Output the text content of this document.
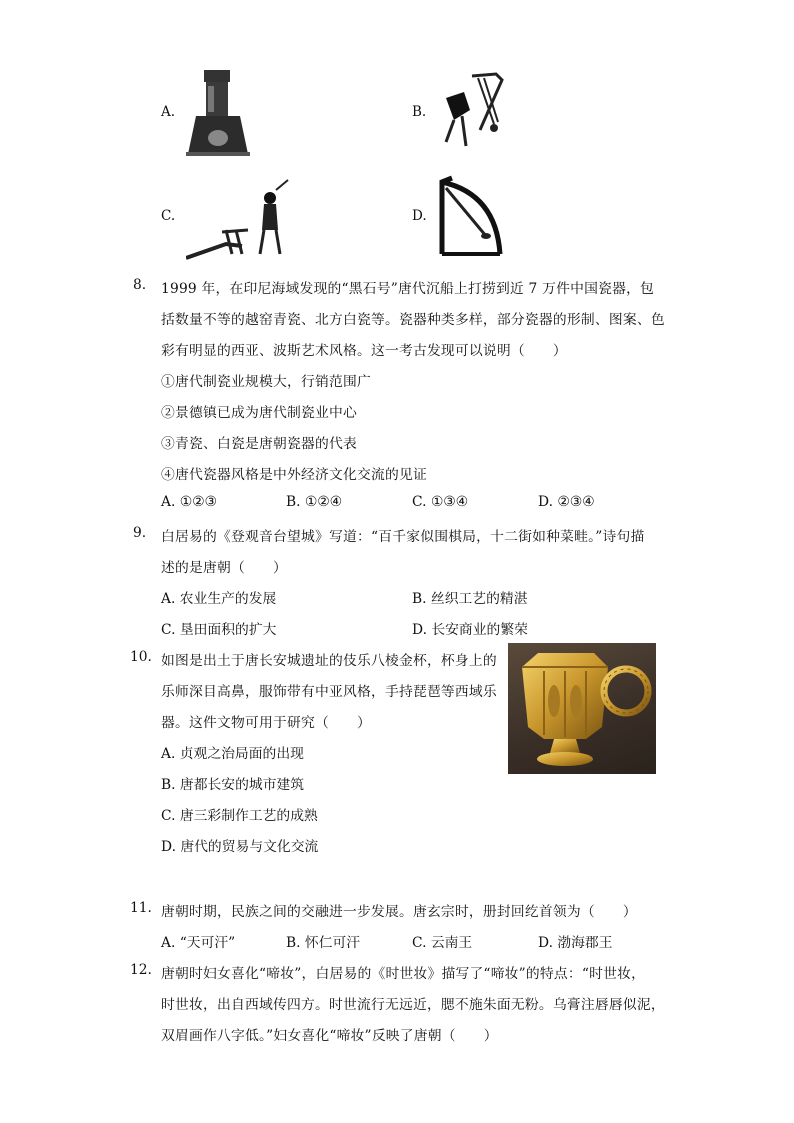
A.	B.
C.	D.
8. 1999 年，在印尼海域发现的“黑石号”唐代沉船上打捞到近 7 万件中国瓷器，包
括数量不等的越窑青瓷、北方白瓷等。瓷器种类多样，部分瓷器的形制、图案、色
彩有明显的西亚、波斯艺术风格。这一考古发现可以说明（　　）
①唐代制瓷业规模大，行销范围广
②景德镇已成为唐代制瓷业中心
③青瓷、白瓷是唐朝瓷器的代表
④唐代瓷器风格是中外经济文化交流的见证
A. ①②③	B. ①②④	C. ①③④	D. ②③④
9. 白居易的《登观音台望城》写道：“百千家似围棋局，十二街如种菜畦。”诗句描
述的是唐朝（　　）
A. 农业生产的发展	B. 丝织工艺的精湛
C. 垦田面积的扩大	D. 长安商业的繁荣
10. 如图是出土于唐长安城遗址的伎乐八棱金杯，杯身上的
乐师深目高鼻，服饰带有中亚风格，手持琵琶等西域乐
器。这件文物可用于研究（　　）
A. 贞观之治局面的出现
B. 唐都长安的城市建筑
C. 唐三彩制作工艺的成熟
D. 唐代的贸易与文化交流
11. 唐朝时期，民族之间的交融进一步发展。唐玄宗时，册封回纥首领为（　　）
A. “天可汗”	B. 怀仁可汗	C. 云南王	D. 渤海郡王
12. 唐朝时妇女喜化“啼妆”，白居易的《时世妆》描写了“啼妆”的特点：“时世妆，
时世妆，出自西域传四方。时世流行无远近，腮不施朱面无粉。乌膏注唇唇似泥，
双眉画作八字低。”妇女喜化“啼妆”反映了唐朝（　　）
